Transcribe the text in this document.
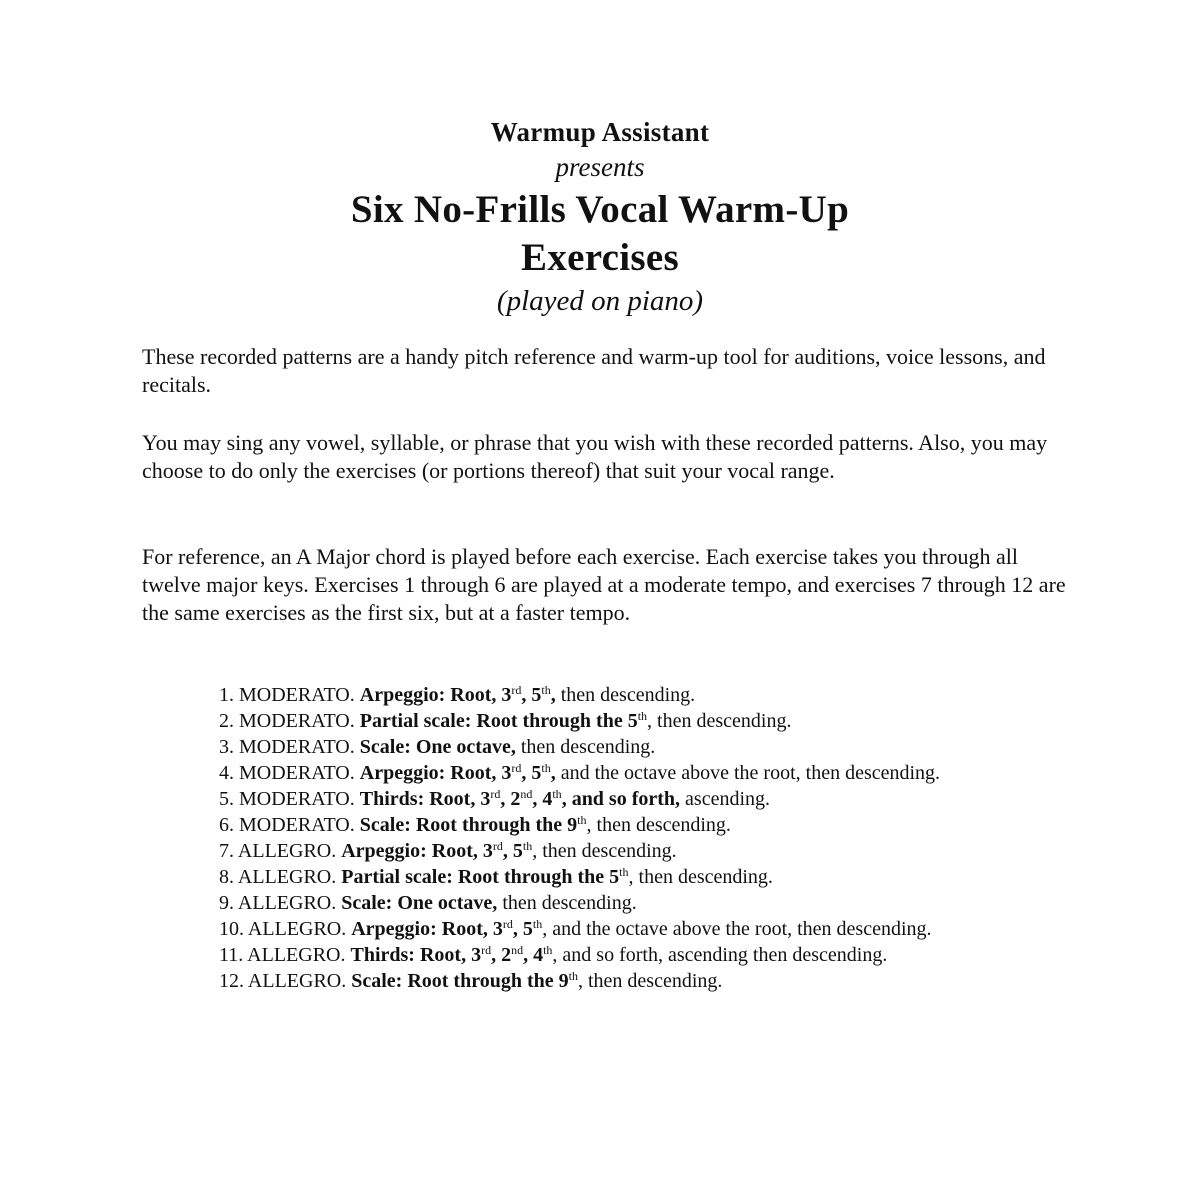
Warmup Assistant
presents
Six No-Frills Vocal Warm-Up
Exercises
(played on piano)

These recorded patterns are a handy pitch reference and warm-up tool for auditions, voice lessons, and recitals.

You may sing any vowel, syllable, or phrase that you wish with these recorded patterns. Also, you may choose to do only the exercises (or portions thereof) that suit your vocal range.

For reference, an A Major chord is played before each exercise. Each exercise takes you through all twelve major keys. Exercises 1 through 6 are played at a moderate tempo, and exercises 7 through 12 are the same exercises as the first six, but at a faster tempo.

1. MODERATO. Arpeggio: Root, 3rd, 5th, then descending.
2. MODERATO. Partial scale: Root through the 5th, then descending.
3. MODERATO. Scale: One octave, then descending.
4. MODERATO. Arpeggio: Root, 3rd, 5th, and the octave above the root, then descending.
5. MODERATO. Thirds: Root, 3rd, 2nd, 4th, and so forth, ascending.
6. MODERATO. Scale: Root through the 9th, then descending.
7. ALLEGRO. Arpeggio: Root, 3rd, 5th, then descending.
8. ALLEGRO. Partial scale: Root through the 5th, then descending.
9. ALLEGRO. Scale: One octave, then descending.
10. ALLEGRO. Arpeggio: Root, 3rd, 5th, and the octave above the root, then descending.
11. ALLEGRO. Thirds: Root, 3rd, 2nd, 4th, and so forth, ascending then descending.
12. ALLEGRO. Scale: Root through the 9th, then descending.
